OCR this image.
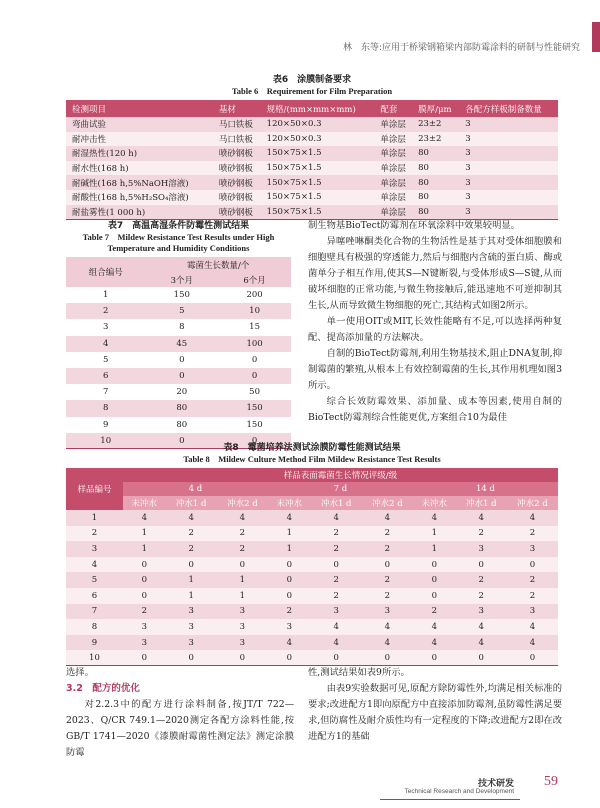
林　东等:应用于桥梁钢箱梁内部防霉涂料的研制与性能研究
表6　涂膜制备要求
Table 6　Requirement for Film Preparation
检测项目	基材	规格/(mm×mm×mm)	配套	膜厚/μm	各配方样板制备数量
弯曲试验	马口铁板	120×50×0.3	单涂层	23±2	3
耐冲击性	马口铁板	120×50×0.3	单涂层	23±2	3
耐湿热性(120 h)	喷砂钢板	150×75×1.5	单涂层	80	3
耐水性(168 h)	喷砂钢板	150×75×1.5	单涂层	80	3
耐碱性(168 h,5%NaOH溶液)	喷砂钢板	150×75×1.5	单涂层	80	3
耐酸性(168 h,5%H₂SO₄溶液)	喷砂钢板	150×75×1.5	单涂层	80	3
耐盐雾性(1 000 h)	喷砂钢板	150×75×1.5	单涂层	80	3
表7　高温高湿条件防霉性测试结果
Table 7　Mildew Resistance Test Results under High
Temperature and Humidity Conditions
组合编号	霉菌生长数量/个	
	3个月	6个月
1	150	200
2	5	10
3	8	15
4	45	100
5	0	0
6	0	0
7	20	50
8	80	150
9	80	150
10	0	0

制生物基BioTect防霉剂在环氧涂料中效果较明显。

异噻唑啉酮类化合物的生物活性是基于其对受体细胞膜和细胞壁具有极强的穿透能力,然后与细胞内含硫的蛋白质、酶或菌单分子相互作用,使其S—N键断裂,与受体形成S—S键,从而破坏细胞的正常功能,与微生物接触后,能迅速地不可逆抑制其生长,从而导致微生物细胞的死亡,其结构式如图2所示。

单一使用OIT或MIT,长效性能略有不足,可以选择两种复配、提高添加量的方法解决。

自制的BioTect防霉剂,利用生物基技术,阻止DNA复制,抑制霉菌的繁殖,从根本上有效控制霉菌的生长,其作用机理如图3所示。

综合长效防霉效果、添加量、成本等因素,使用自制的BioTect防霉剂综合性能更优,方案组合10为最佳

表8　霉菌培养法测试涂膜防霉性能测试结果
Table 8　Mildew Culture Method Film Mildew Resistance Test Results
样品编号	样品表面霉菌生长情况评级/级								
	4 d			7 d			14 d		
	未冲水	冲水1 d	冲水2 d	未冲水	冲水1 d	冲水2 d	未冲水	冲水1 d	冲水2 d
1	4	4	4	4	4	4	4	4	4
2	1	2	2	1	2	2	1	2	2
3	1	2	2	1	2	2	1	3	3
4	0	0	0	0	0	0	0	0	0
5	0	1	1	0	2	2	0	2	2
6	0	1	1	0	2	2	0	2	2
7	2	3	3	2	3	3	2	3	3
8	3	3	3	3	4	4	4	4	4
9	3	3	3	4	4	4	4	4	4
10	0	0	0	0	0	0	0	0	0

选择。

3.2　配方的优化

对2.2.3中的配方进行涂料制备,按JT/T 722—2023、Q/CR 749.1—2020测定各配方涂料性能,按GB/T 1741—2020《漆膜耐霉菌性测定法》测定涂膜防霉

性,测试结果如表9所示。

由表9实验数据可见,原配方除防霉性外,均满足相关标准的要求;改进配方1即向原配方中直接添加防霉剂,虽防霉性满足要求,但防腐性及耐介质性均有一定程度的下降;改进配方2即在改进配方1的基础

技术研发
Technical Research and Development
59
